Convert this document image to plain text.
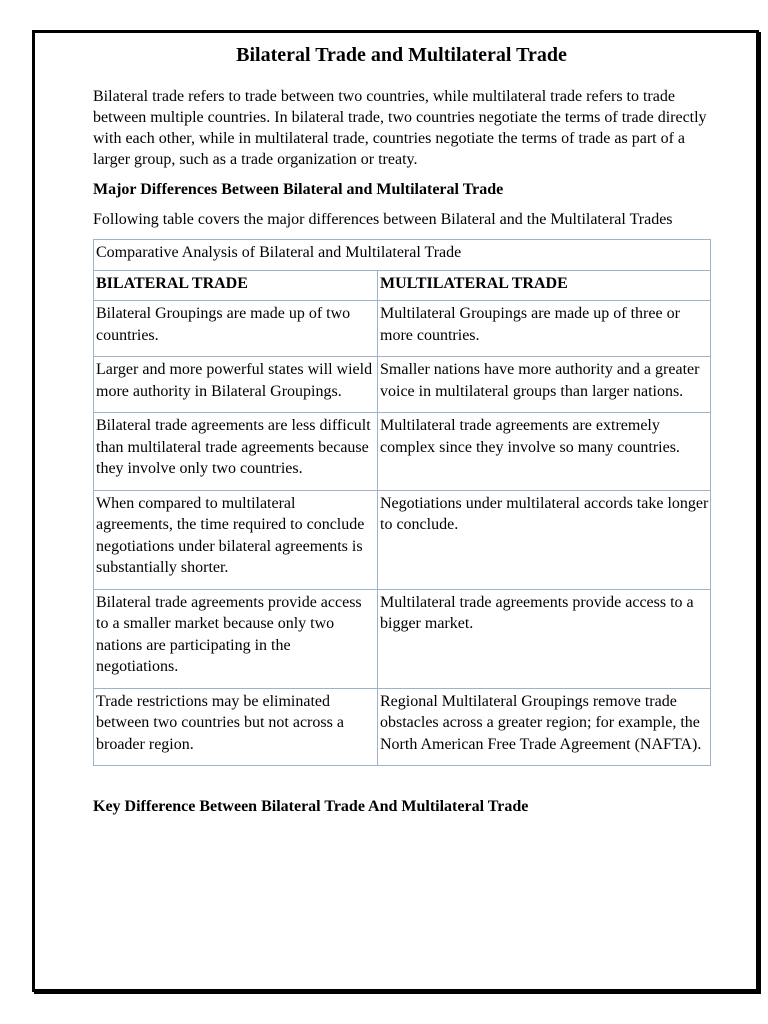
Bilateral Trade and Multilateral Trade

Bilateral trade refers to trade between two countries, while multilateral trade refers to trade between multiple countries. In bilateral trade, two countries negotiate the terms of trade directly with each other, while in multilateral trade, countries negotiate the terms of trade as part of a larger group, such as a trade organization or treaty.

Major Differences Between Bilateral and Multilateral Trade

Following table covers the major differences between Bilateral and the Multilateral Trades

Comparative Analysis of Bilateral and Multilateral Trade	
BILATERAL TRADE	MULTILATERAL TRADE
Bilateral Groupings are made up of two countries.	Multilateral Groupings are made up of three or more countries.
Larger and more powerful states will wield more authority in Bilateral Groupings.	Smaller nations have more authority and a greater voice in multilateral groups than larger nations.
Bilateral trade agreements are less difficult than multilateral trade agreements because they involve only two countries.	Multilateral trade agreements are extremely complex since they involve so many countries.
When compared to multilateral agreements, the time required to conclude negotiations under bilateral agreements is substantially shorter.	Negotiations under multilateral accords take longer to conclude.
Bilateral trade agreements provide access to a smaller market because only two nations are participating in the negotiations.	Multilateral trade agreements provide access to a bigger market.
Trade restrictions may be eliminated between two countries but not across a broader region.	Regional Multilateral Groupings remove trade obstacles across a greater region; for example, the North American Free Trade Agreement (NAFTA).
Key Difference Between Bilateral Trade And Multilateral Trade
